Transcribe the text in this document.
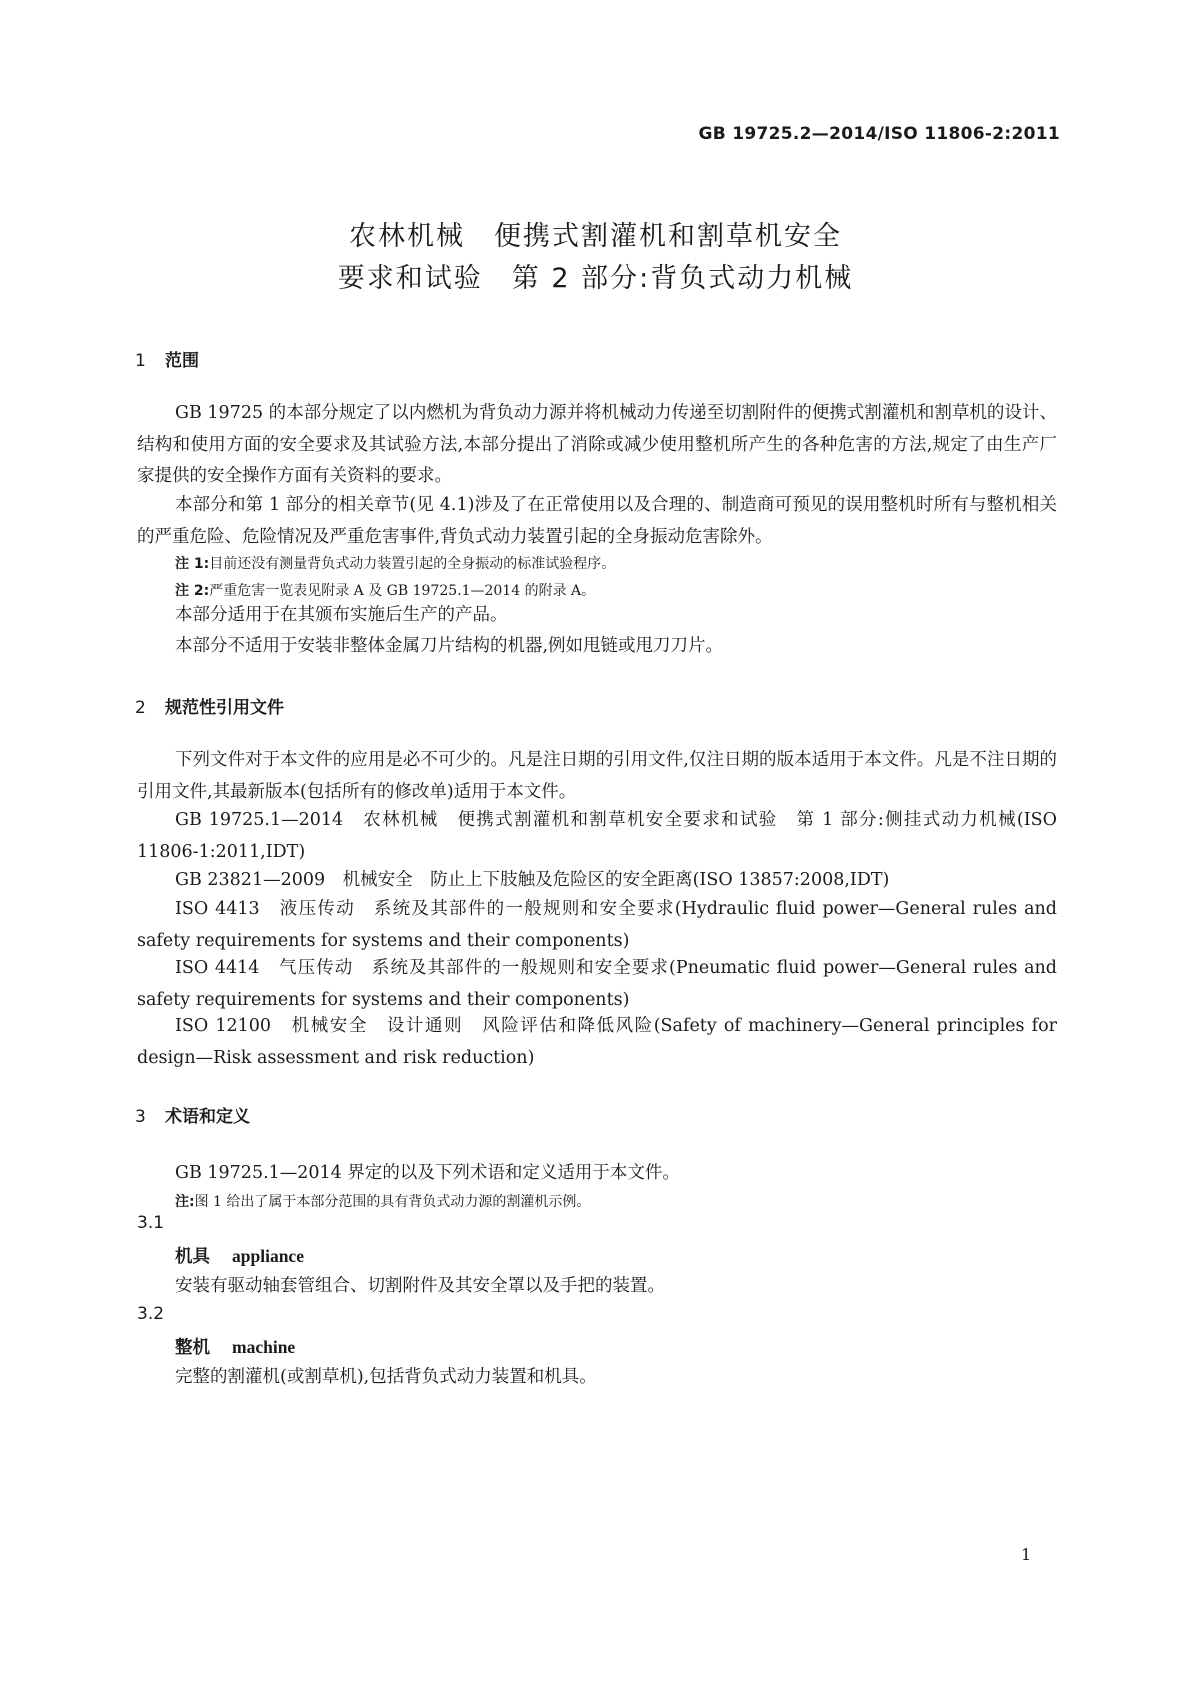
GB 19725.2—2014/ISO 11806-2:2011
农林机械　便携式割灌机和割草机安全
要求和试验　第 2 部分:背负式动力机械
1 范围
GB 19725 的本部分规定了以内燃机为背负动力源并将机械动力传递至切割附件的便携式割灌机和割草机的设计、结构和使用方面的安全要求及其试验方法,本部分提出了消除或减少使用整机所产生的各种危害的方法,规定了由生产厂家提供的安全操作方面有关资料的要求。
本部分和第 1 部分的相关章节(见 4.1)涉及了在正常使用以及合理的、制造商可预见的误用整机时所有与整机相关的严重危险、危险情况及严重危害事件,背负式动力装置引起的全身振动危害除外。
注 1:目前还没有测量背负式动力装置引起的全身振动的标准试验程序。
注 2:严重危害一览表见附录 A 及 GB 19725.1—2014 的附录 A。
本部分适用于在其颁布实施后生产的产品。
本部分不适用于安装非整体金属刀片结构的机器,例如甩链或甩刀刀片。
2 规范性引用文件
下列文件对于本文件的应用是必不可少的。凡是注日期的引用文件,仅注日期的版本适用于本文件。凡是不注日期的引用文件,其最新版本(包括所有的修改单)适用于本文件。
GB 19725.1—2014　农林机械　便携式割灌机和割草机安全要求和试验　第 1 部分:侧挂式动力机械(ISO 11806-1:2011,IDT)
GB 23821—2009　机械安全　防止上下肢触及危险区的安全距离(ISO 13857:2008,IDT)
ISO 4413　液压传动　系统及其部件的一般规则和安全要求(Hydraulic fluid power—General rules and safety requirements for systems and their components)
ISO 4414　气压传动　系统及其部件的一般规则和安全要求(Pneumatic fluid power—General rules and safety requirements for systems and their components)
ISO 12100　机械安全　设计通则　风险评估和降低风险(Safety of machinery—General principles for design—Risk assessment and risk reduction)
3 术语和定义
GB 19725.1—2014 界定的以及下列术语和定义适用于本文件。
注:图 1 给出了属于本部分范围的具有背负式动力源的割灌机示例。
3.1
机具 appliance
安装有驱动轴套管组合、切割附件及其安全罩以及手把的装置。
3.2
整机 machine
完整的割灌机(或割草机),包括背负式动力装置和机具。
1
